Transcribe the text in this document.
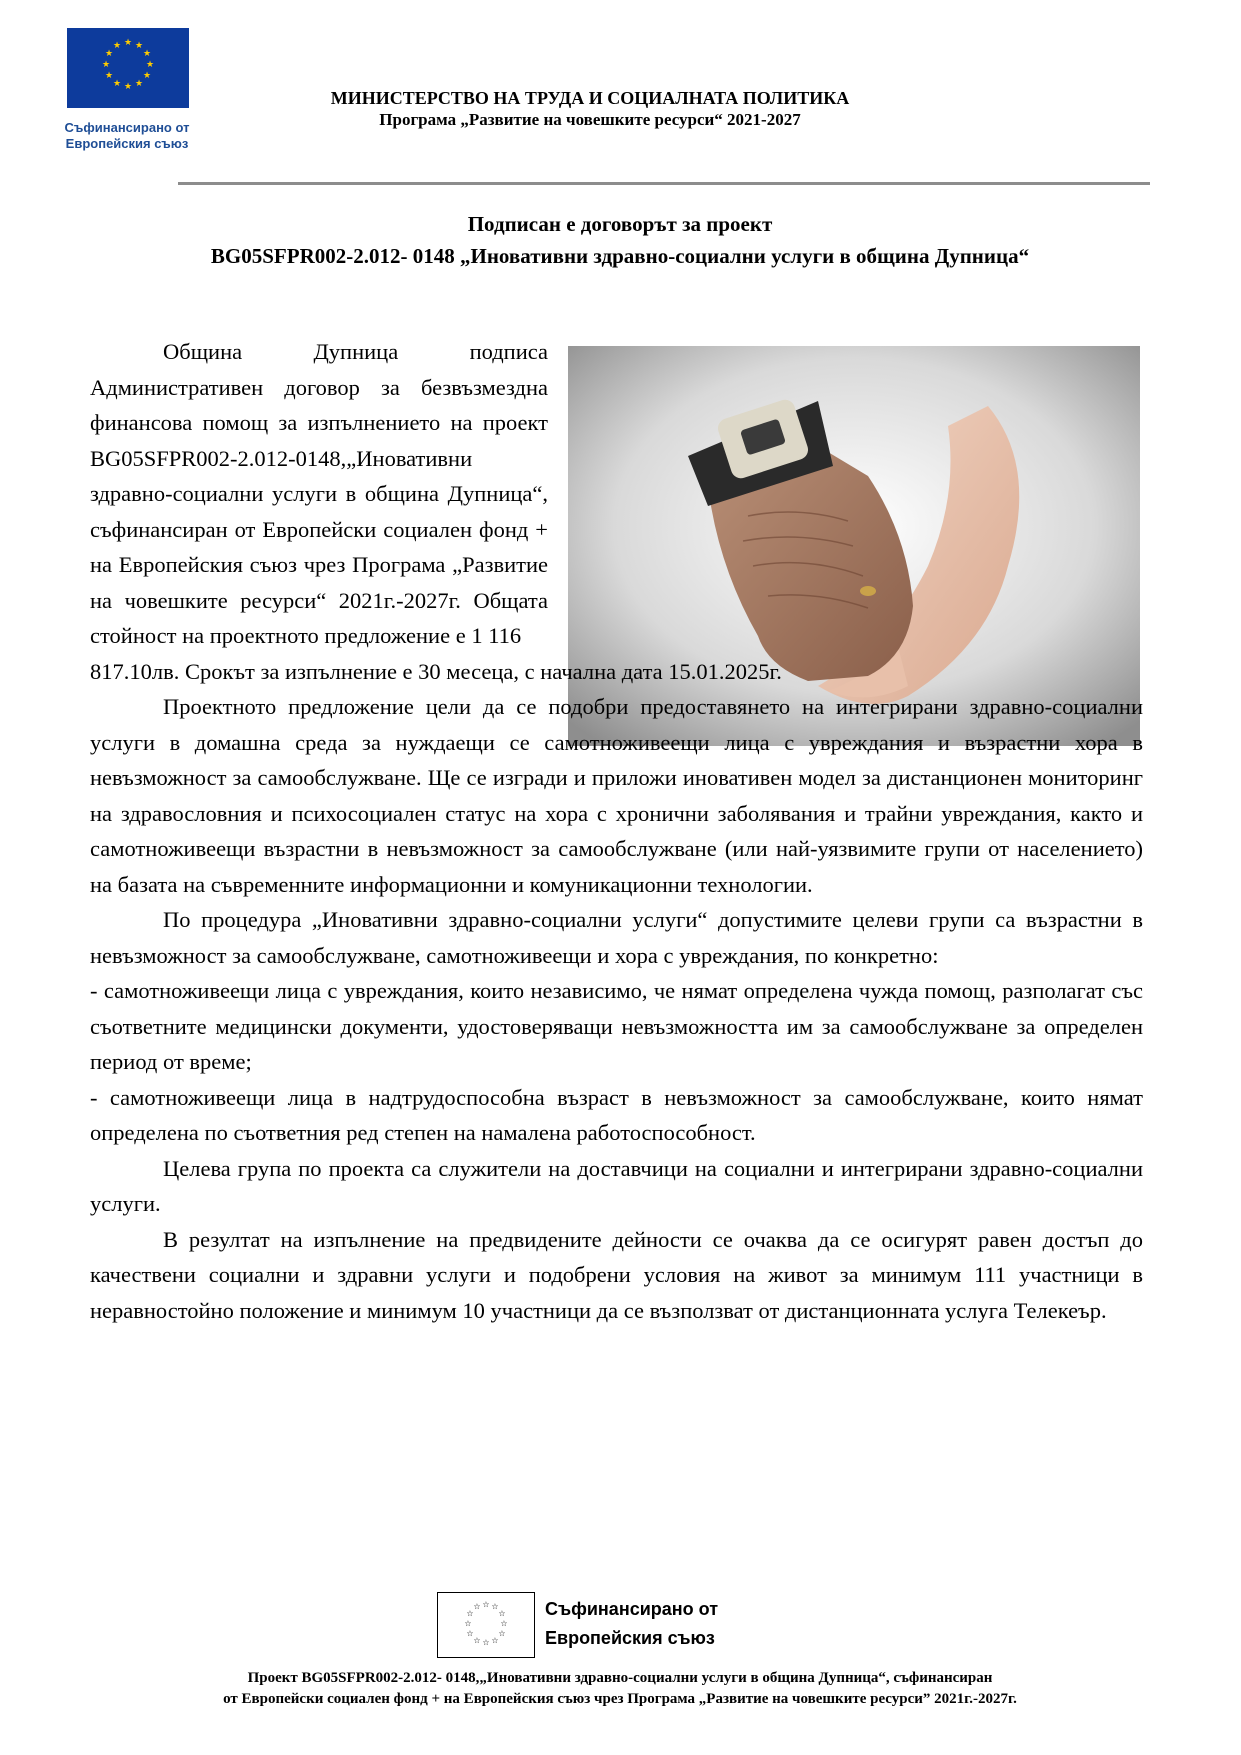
★ ★
★
★
★
★
★
★
★
★
★
★
Съфинансирано от
Европейския съюз
МИНИСТЕРСТВО НА ТРУДА И СОЦИАЛНАТА ПОЛИТИКА
Програма „Развитие на човешките ресурси“ 2021-2027
Подписан е договорът за проект
BG05SFPR002-2.012- 0148 „Иновативни здравно-социални услуги в община Дупница“

Община Дупница подписа Административен договор за безвъзмездна финансова помощ за изпълнението на проект BG05SFPR002-2.012-0148,„Иновативни здравно-социални услуги в община Дупница“, съфинансиран от Европейски социален фонд + на Европейския съюз чрез Програма „Развитие на човешките ресурси“ 2021г.-2027г. Общата стойност на проектното предложение е 1 116
817.10лв. Срокът за изпълнение е 30 месеца, с начална дата 15.01.2025г.

Проектното предложение цели да се подобри предоставянето на интегрирани здравно-социални услуги в домашна среда за нуждаещи се самотноживеещи лица с увреждания и възрастни хора в невъзможност за самообслужване. Ще се изгради и приложи иновативен модел за дистанционен мониторинг на здравословния и психосоциален статус на хора с хронични заболявания и трайни увреждания, както и самотноживеещи възрастни в невъзможност за самообслужване (или най-уязвимите групи от населението) на базата на съвременните информационни и комуникационни технологии.

По процедура „Иновативни здравно-социални услуги“ допустимите целеви групи са възрастни в невъзможност за самообслужване, самотноживеещи и хора с увреждания, по конкретно:

- самотноживеещи лица с увреждания, които независимо, че нямат определена чужда помощ, разполагат със съответните медицински документи, удостоверяващи невъзможността им за самообслужване за определен период от време;

- самотноживеещи лица в надтрудоспособна възраст в невъзможност за самообслужване, които нямат определена по съответния ред степен на намалена работоспособност.

Целева група по проекта са служители на доставчици на социални и интегрирани здравно-социални услуги.

В резултат на изпълнение на предвидените дейности се очаква да се осигурят равен достъп до качествени социални и здравни услуги и подобрени условия на живот за минимум 111 участници в неравностойно положение и минимум 10 участници да се възползват от дистанционната услуга Телекеър.

☆ ☆
☆
☆
☆
☆
☆
☆
☆
☆
☆
☆	Съфинансирано от
Европейския съюз
Проект BG05SFPR002-2.012- 0148,„Иновативни здравно-социални услуги в община Дупница“, съфинансиран
от Европейски социален фонд + на Европейския съюз чрез Програма „Развитие на човешките ресурси” 2021г.-2027г.
